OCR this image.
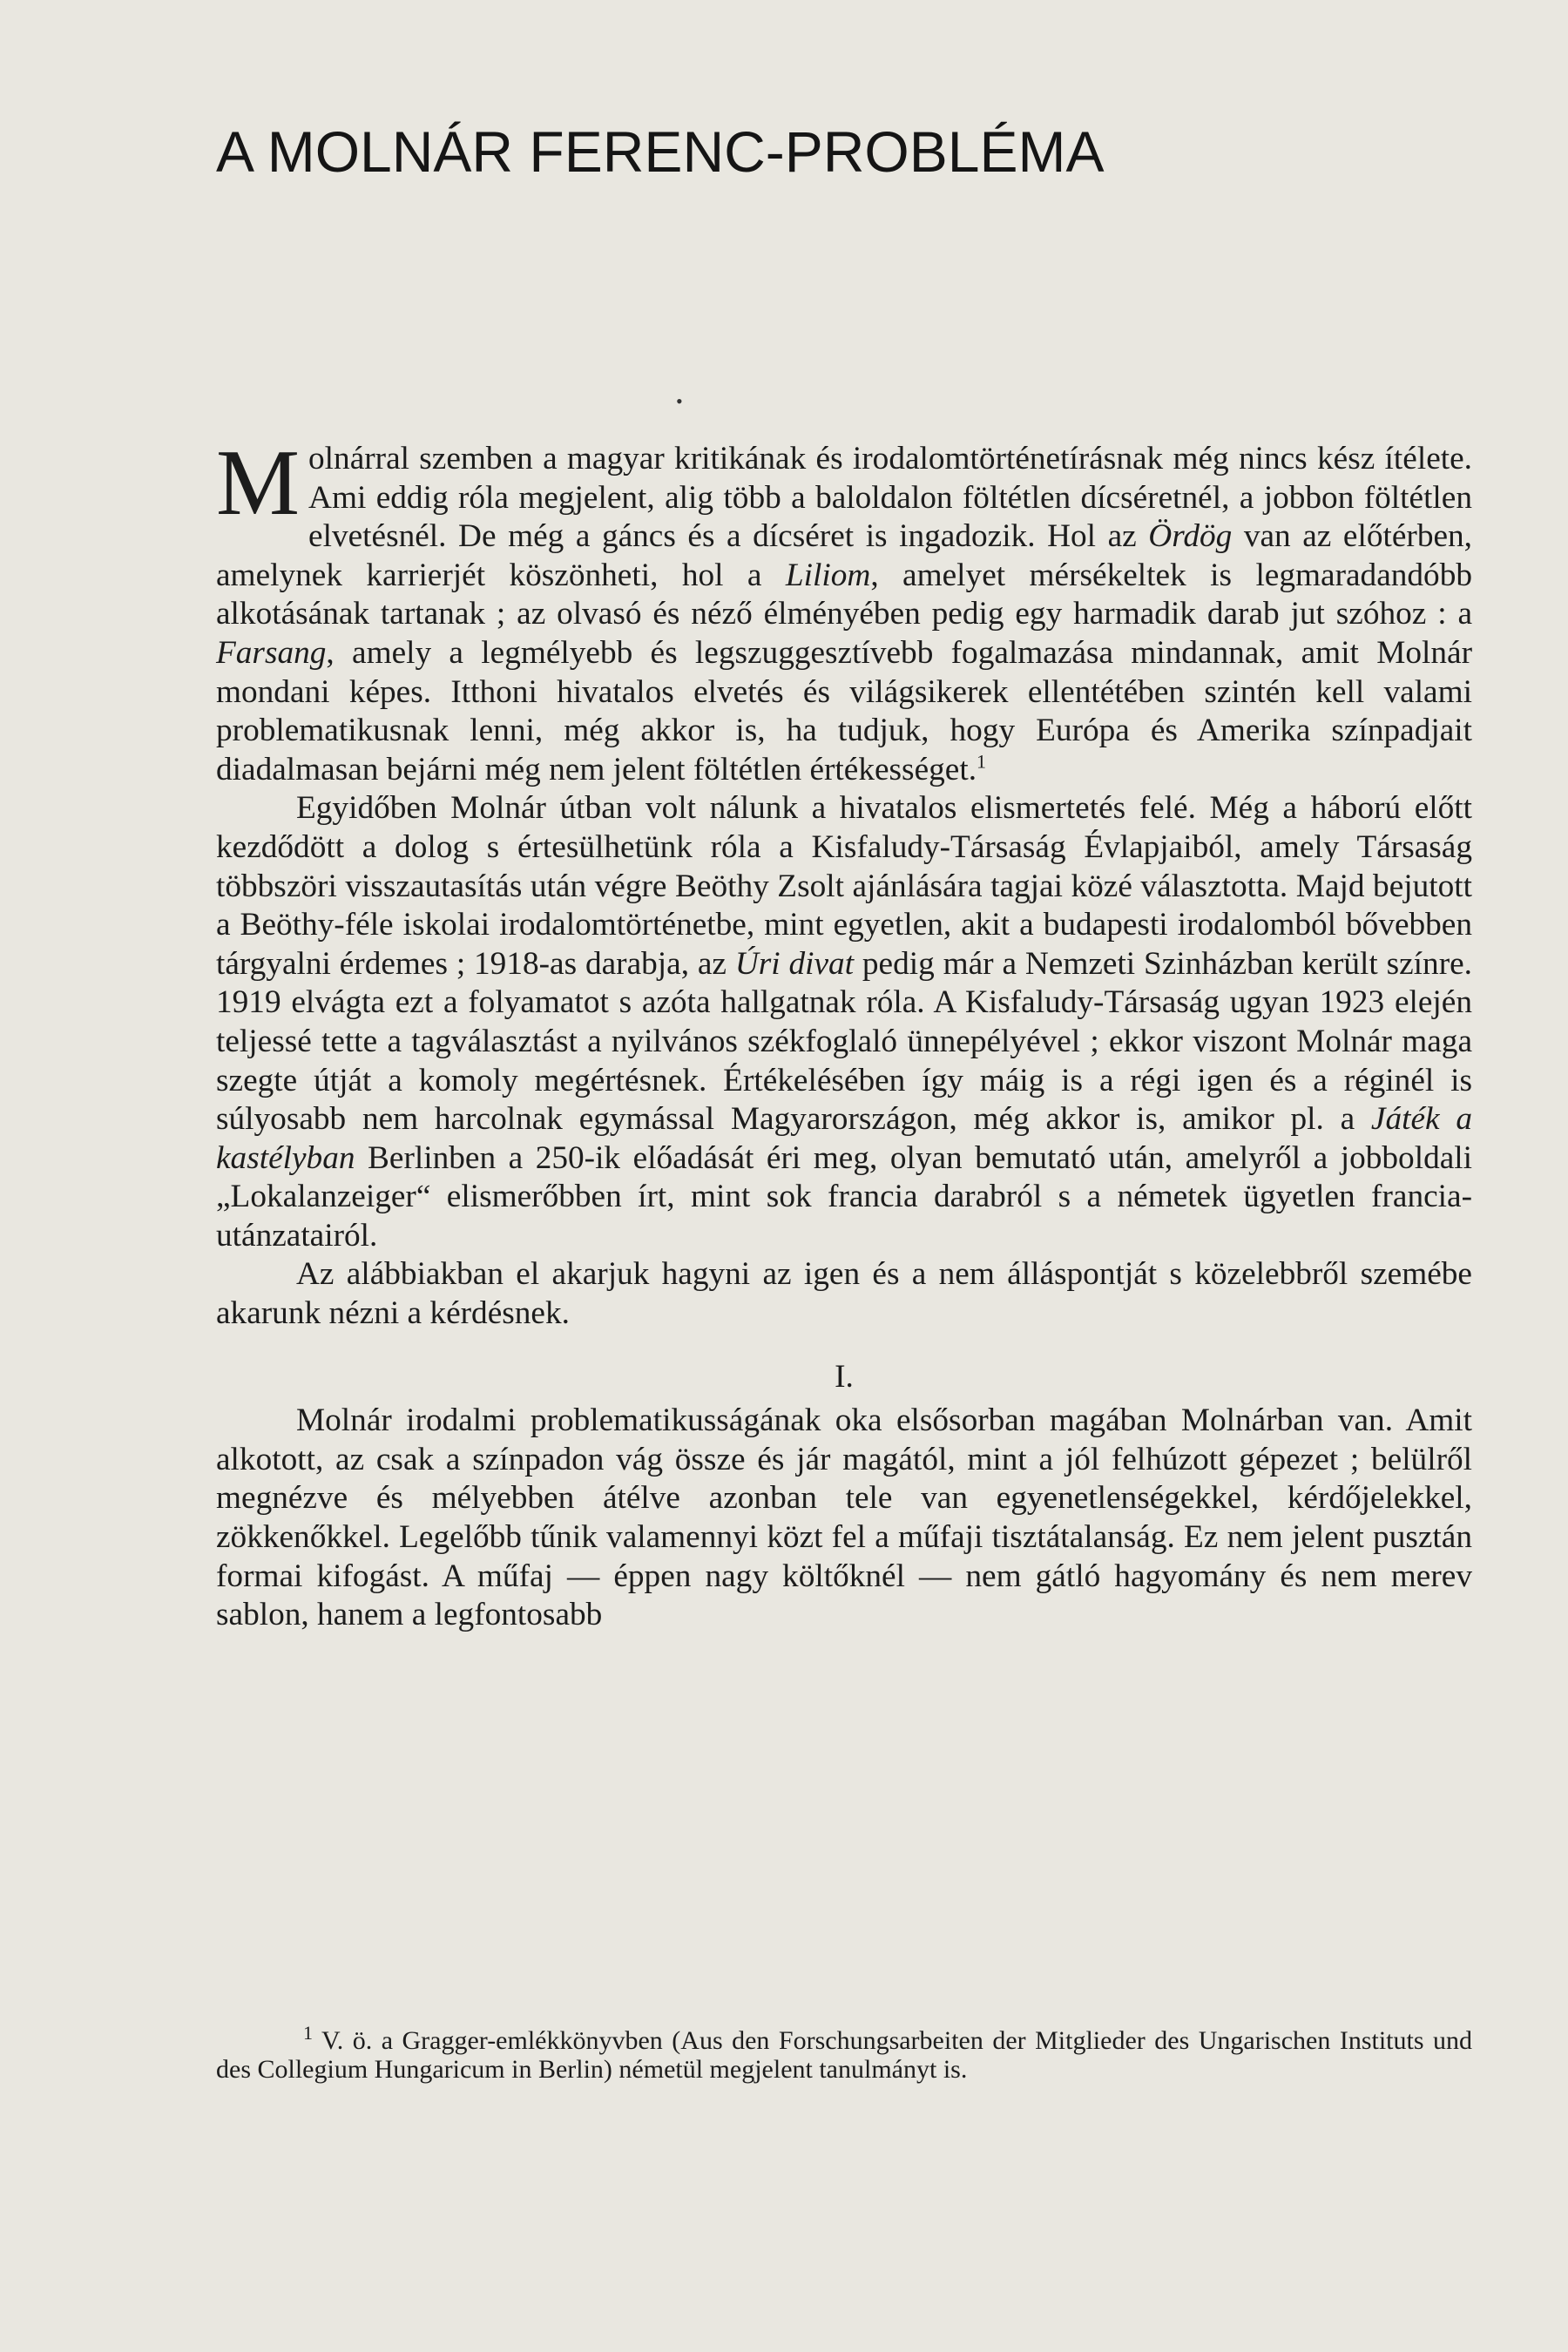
A MOLNÁR FERENC-PROBLÉMA
•

Molnárral szemben a magyar kritikának és irodalomtörténetírásnak még nincs kész ítélete. Ami eddig róla megjelent, alig több a baloldalon föltétlen dícséretnél, a jobbon föltétlen elvetésnél. De még a gáncs és a dícséret is ingadozik. Hol az Ördög van az előtérben, amelynek karrierjét köszönheti, hol a Liliom, amelyet mérsékeltek is legmaradandóbb alkotásának tartanak ; az olvasó és néző élményében pedig egy harmadik darab jut szóhoz : a Farsang, amely a legmélyebb és legszuggesztívebb fogalmazása mindannak, amit Molnár mondani képes. Itthoni hivatalos elvetés és világsikerek ellentétében szintén kell valami problematikusnak lenni, még akkor is, ha tudjuk, hogy Európa és Amerika színpadjait diadalmasan bejárni még nem jelent föltétlen értékességet.$^1$

Egyidőben Molnár útban volt nálunk a hivatalos elismertetés felé. Még a háború előtt kezdődött a dolog s értesülhetünk róla a Kisfaludy-Társaság Évlapjaiból, amely Társaság többszöri visszautasítás után végre Beöthy Zsolt ajánlására tagjai közé választotta. Majd bejutott a Beöthy-féle iskolai irodalomtörténetbe, mint egyetlen, akit a budapesti irodalomból bővebben tárgyalni érdemes ; 1918-as darabja, az Úri divat pedig már a Nemzeti Szinházban került színre. 1919 elvágta ezt a folyamatot s azóta hallgatnak róla. A Kisfaludy-Társaság ugyan 1923 elején teljessé tette a tagválasztást a nyilvános székfoglaló ünnepélyével ; ekkor viszont Molnár maga szegte útját a komoly megértésnek. Értékelésében így máig is a régi igen és a réginél is súlyosabb nem harcolnak egymással Magyarországon, még akkor is, amikor pl. a Játék a kastélyban Berlinben a 250-ik előadását éri meg, olyan bemutató után, amelyről a jobboldali „Lokalanzeiger“ elismerőbben írt, mint sok francia darabról s a németek ügyetlen francia-utánzatairól.

Az alábbiakban el akarjuk hagyni az igen és a nem álláspontját s közelebbről szemébe akarunk nézni a kérdésnek.

I.

Molnár irodalmi problematikusságának oka elsősorban magában Molnárban van. Amit alkotott, az csak a színpadon vág össze és jár magától, mint a jól felhúzott gépezet ; belülről megnézve és mélyebben átélve azonban tele van egyenetlenségekkel, kérdőjelekkel, zökkenőkkel. Legelőbb tűnik valamennyi közt fel a műfaji tisztátalanság. Ez nem jelent pusztán formai kifogást. A műfaj — éppen nagy költőknél — nem gátló hagyomány és nem merev sablon, hanem a legfontosabb

$^1$ V. ö. a Gragger-emlékkönyvben (Aus den Forschungsarbeiten der Mitglieder des Ungarischen Instituts und des Collegium Hungaricum in Berlin) németül megjelent tanulmányt is.
